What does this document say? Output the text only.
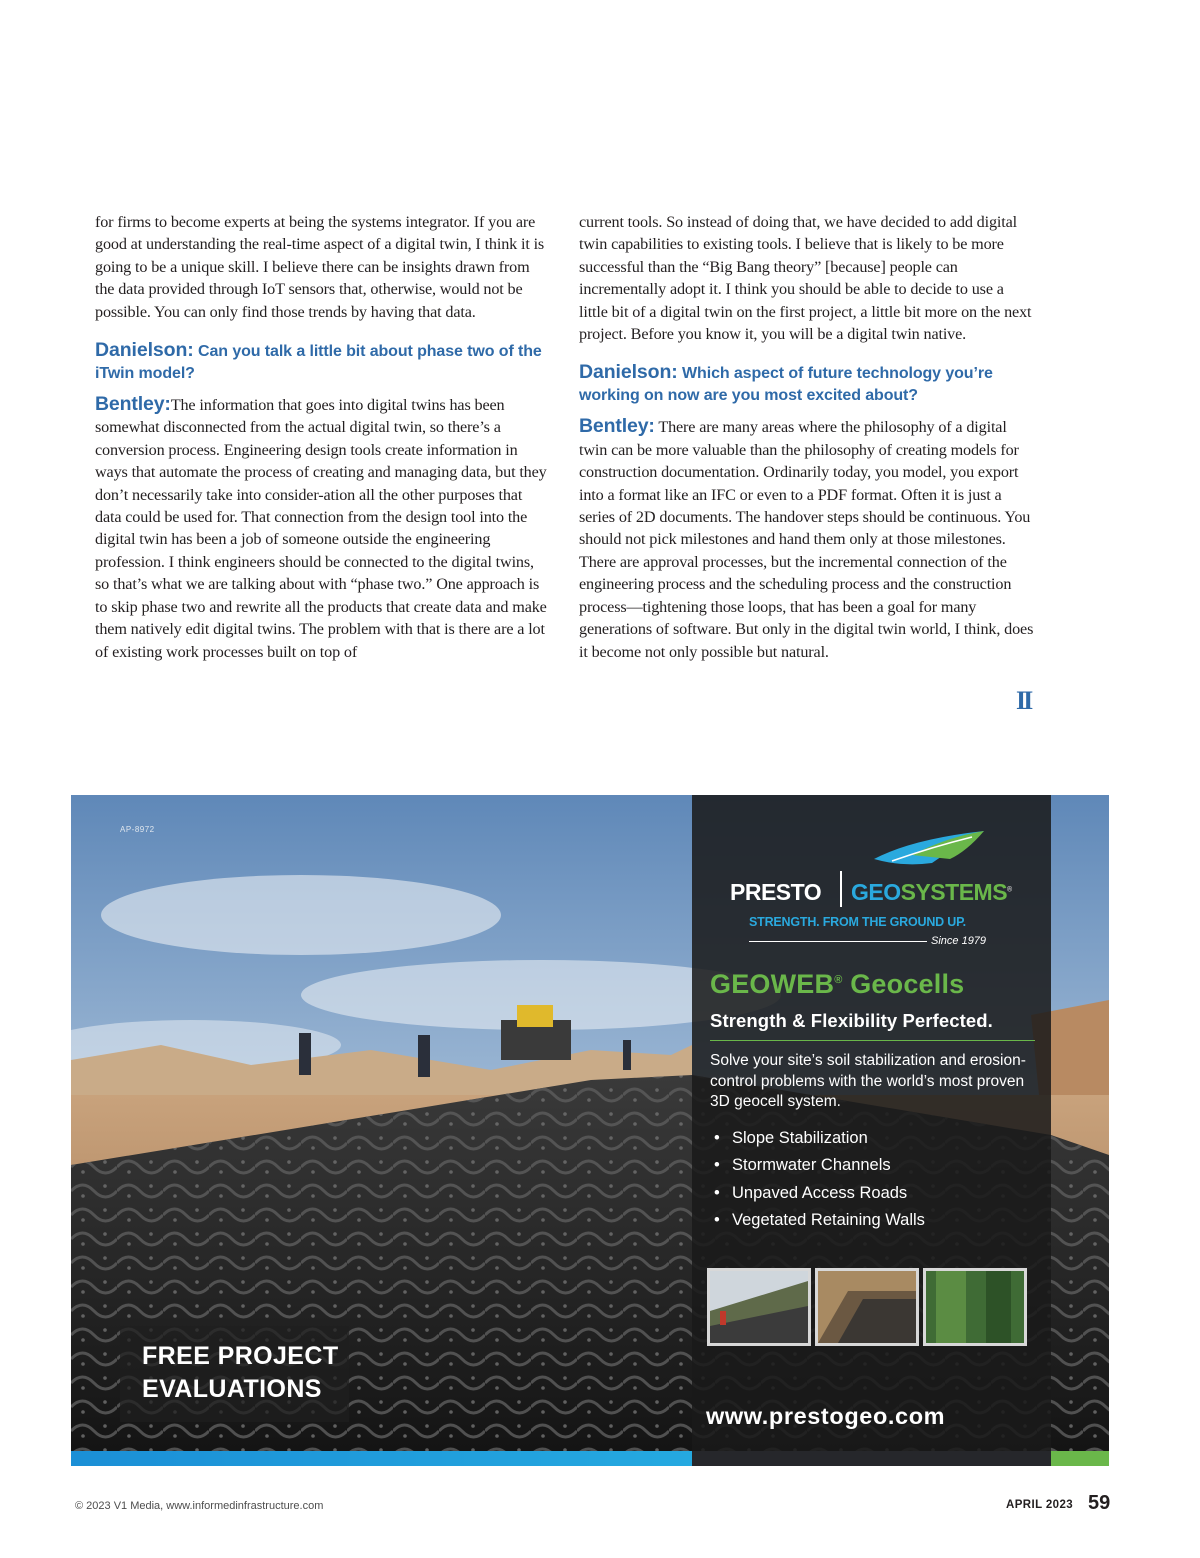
for firms to become experts at being the systems integrator. If you are good at understanding the real-time aspect of a digital twin, I think it is going to be a unique skill. I believe there can be insights drawn from the data provided through IoT sensors that, otherwise, would not be possible. You can only find those trends by having that data.

Danielson: Can you talk a little bit about phase two of the iTwin model?

Bentley:The information that goes into digital twins has been somewhat disconnected from the actual digital twin, so there’s a conversion process. Engineering design tools create information in ways that automate the process of creating and managing data, but they don’t necessarily take into consider-ation all the other purposes that data could be used for. That connection from the design tool into the digital twin has been a job of someone outside the engineering profession. I think engineers should be connected to the digital twins, so that’s what we are talking about with “phase two.” One approach is to skip phase two and rewrite all the products that create data and make them natively edit digital twins. The problem with that is there are a lot of existing work processes built on top of

current tools. So instead of doing that, we have decided to add digital twin capabilities to existing tools. I believe that is likely to be more successful than the “Big Bang theory” [because] people can incrementally adopt it. I think you should be able to decide to use a little bit of a digital twin on the first project, a little bit more on the next project. Before you know it, you will be a digital twin native.

Danielson: Which aspect of future technology you’re working on now are you most excited about?

Bentley: There are many areas where the philosophy of a digital twin can be more valuable than the philosophy of creating models for construction documentation. Ordinarily today, you model, you export into a format like an IFC or even to a PDF format. Often it is just a series of 2D documents. The handover steps should be continuous. You should not pick milestones and hand them only at those milestones. There are approval processes, but the incremental connection of the engineering process and the scheduling process and the construction process—tightening those loops, that has been a goal for many generations of software. But only in the digital twin world, I think, does it become not only possible but natural.

II
AP-8972
PRESTO GEOSYSTEMS®
STRENGTH. FROM THE GROUND UP.
Since 1979
GEOWEB® Geocells
Strength & Flexibility Perfected.
Solve your site’s soil stabilization and erosion-control problems with the world’s most proven 3D geocell system.
• Slope Stabilization
• Stormwater Channels
• Unpaved Access Roads
• Vegetated Retaining Walls
www.prestogeo.com
FREE PROJECT
EVALUATIONS
© 2023 V1 Media, www.informedinfrastructure.com	APRIL 2023 59
